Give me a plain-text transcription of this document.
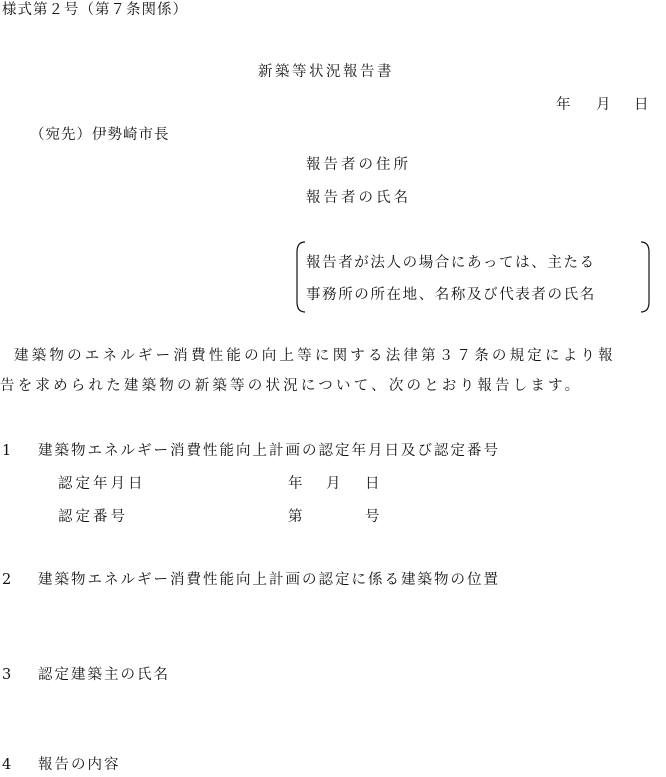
様式第２号（第７条関係）
新築等状況報告書
年 月 日
（宛先）伊勢崎市長
報告者の住所
報告者の氏名
報告者が法人の場合にあっては、主たる
事務所の所在地、名称及び代表者の氏名
建築物のエネルギー消費性能の向上等に関する法律第３７条の規定により報
告を求められた建築物の新築等の状況について、次のとおり報告します。
1 建築物エネルギー消費性能向上計画の認定年月日及び認定番号
認定年月日	年 月 日
認定番号	第	号
2 建築物エネルギー消費性能向上計画の認定に係る建築物の位置
3 認定建築主の氏名
4 報告の内容
